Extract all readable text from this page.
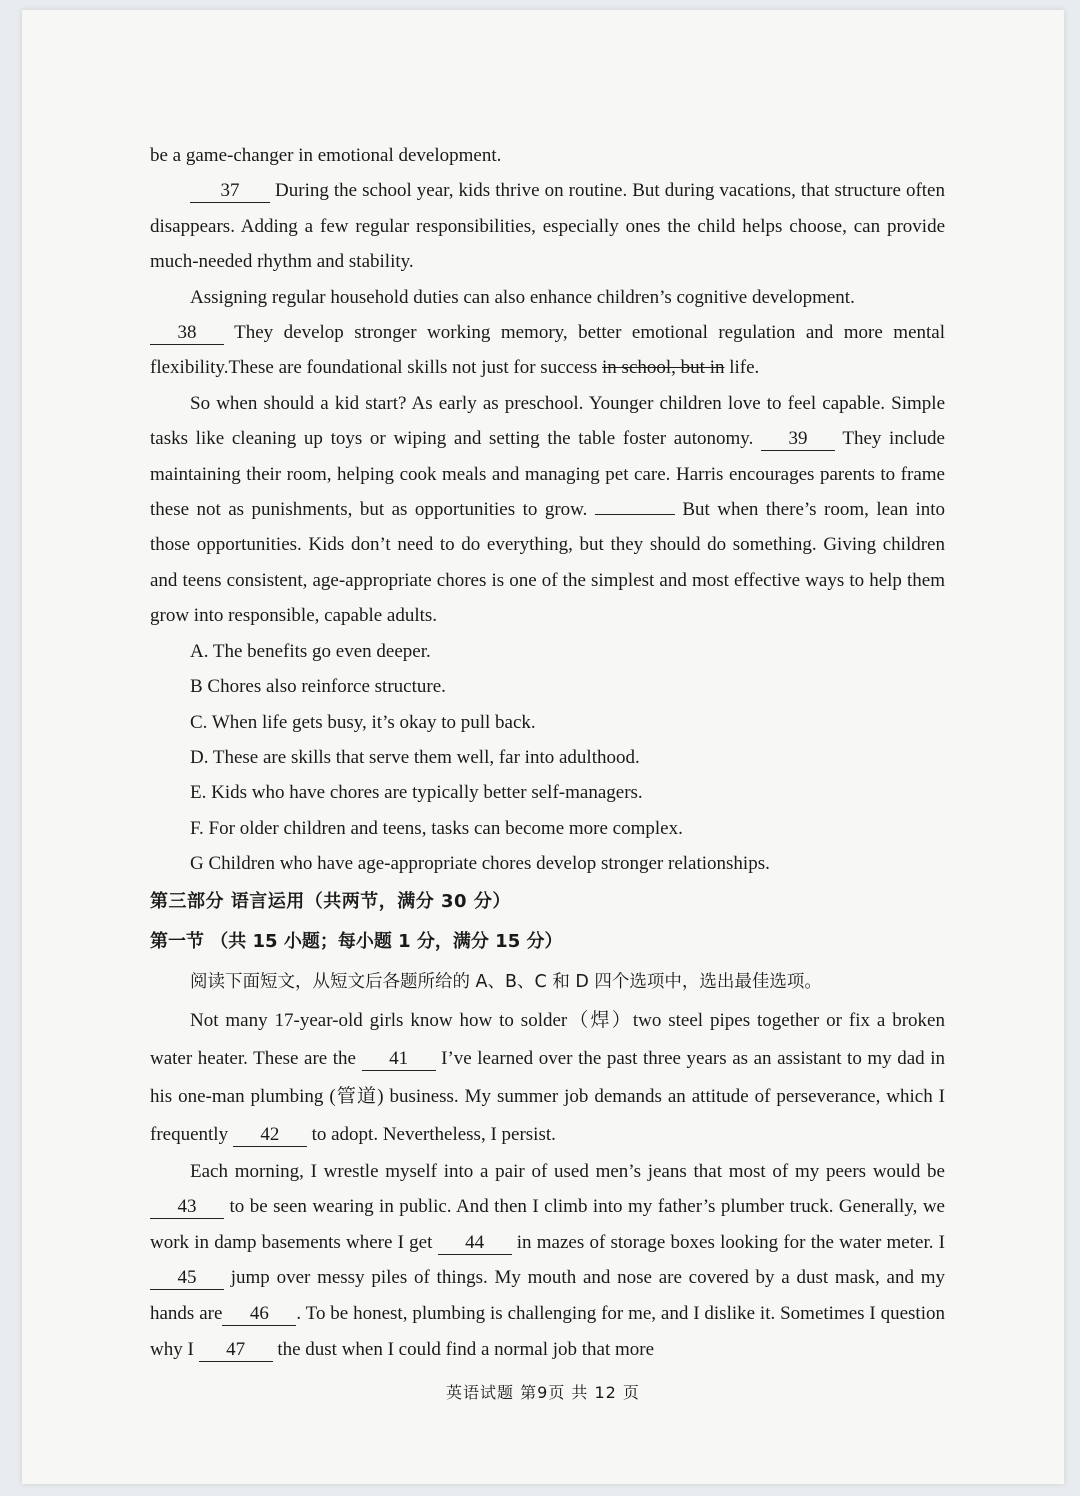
be a game-changer in emotional development.

37 During the school year, kids thrive on routine. But during vacations, that structure often disappears. Adding a few regular responsibilities, especially ones the child helps choose, can provide much-needed rhythm and stability.

Assigning regular household duties can also enhance children’s cognitive development.

38 They develop stronger working memory, better emotional regulation and more mental flexibility.These are foundational skills not just for success in school, but in life.

So when should a kid start? As early as preschool. Younger children love to feel capable. Simple tasks like cleaning up toys or wiping and setting the table foster autonomy. 39 They include maintaining their room, helping cook meals and managing pet care. Harris encourages parents to frame these not as punishments, but as opportunities to grow.	But when there’s room, lean into those opportunities. Kids don’t need to do everything, but they should do something. Giving children and teens consistent, age-appropriate chores is one of the simplest and most effective ways to help them grow into responsible, capable adults.

A. The benefits go even deeper.

B Chores also reinforce structure.

C. When life gets busy, it’s okay to pull back.

D. These are skills that serve them well, far into adulthood.

E. Kids who have chores are typically better self-managers.

F. For older children and teens, tasks can become more complex.

G Children who have age-appropriate chores develop stronger relationships.

第三部分 语言运用（共两节，满分 30 分）

第一节 （共 15 小题；每小题 1 分，满分 15 分）

阅读下面短文，从短文后各题所给的 A、B、C 和 D 四个选项中，选出最佳选项。

Not many 17-year-old girls know how to solder（焊）two steel pipes together or fix a broken water heater. These are the 41 I’ve learned over the past three years as an assistant to my dad in his one-man plumbing (管道) business. My summer job demands an attitude of perseverance, which I frequently 42 to adopt. Nevertheless, I persist.

Each morning, I wrestle myself into a pair of used men’s jeans that most of my peers would be 43 to be seen wearing in public. And then I climb into my father’s plumber truck. Generally, we work in damp basements where I get 44 in mazes of storage boxes looking for the water meter. I 45 jump over messy piles of things. My mouth and nose are covered by a dust mask, and my hands are 46 . To be honest, plumbing is challenging for me, and I dislike it. Sometimes I question why I 47 the dust when I could find a normal job that more

英语试题 第9页 共 12 页
